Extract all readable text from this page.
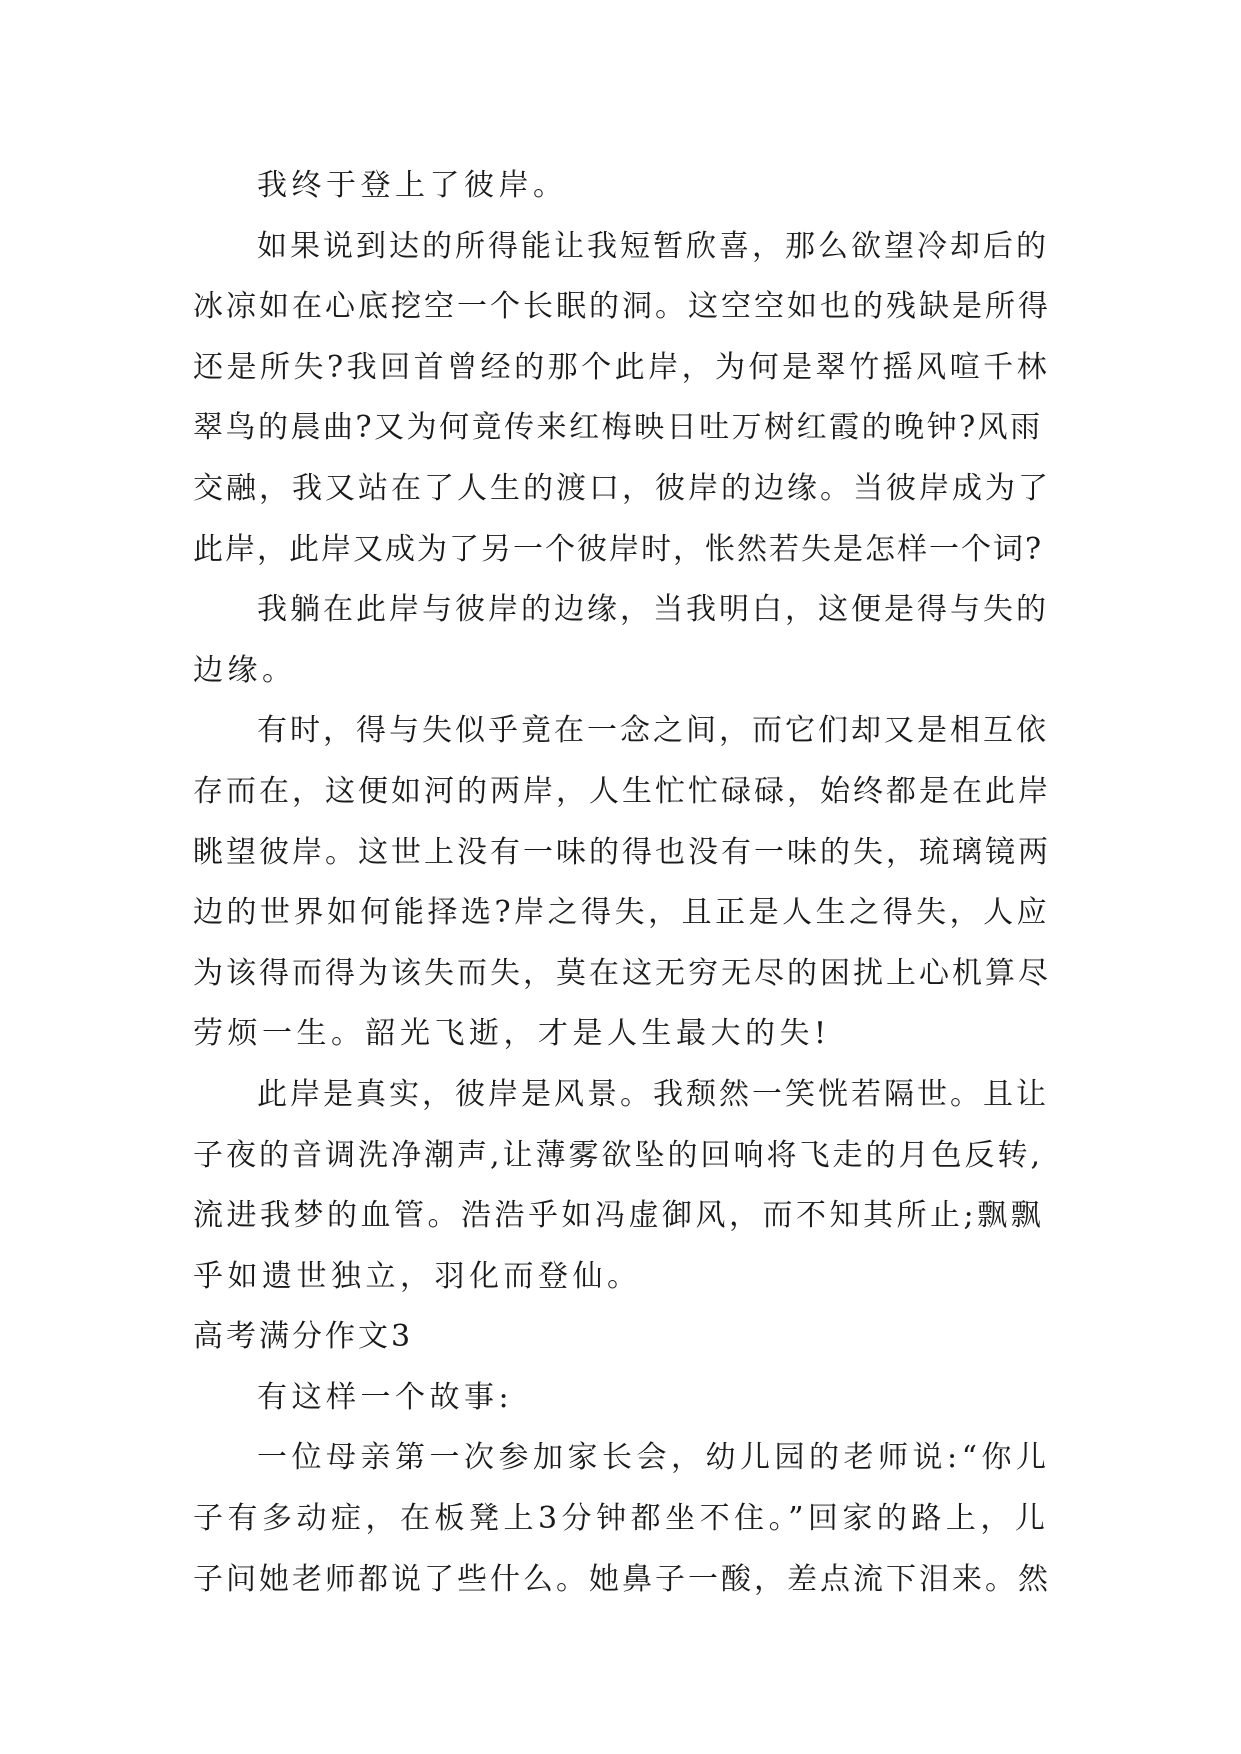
我终于登上了彼岸。
如果说到达的所得能让我短暂欣喜，那么欲望冷却后的
冰凉如在心底挖空一个长眠的洞。这空空如也的残缺是所得
还是所失?我回首曾经的那个此岸，为何是翠竹摇风喧千林
翠鸟的晨曲?又为何竟传来红梅映日吐万树红霞的晚钟?风雨
交融，我又站在了人生的渡口，彼岸的边缘。当彼岸成为了
此岸，此岸又成为了另一个彼岸时，怅然若失是怎样一个词?
我躺在此岸与彼岸的边缘，当我明白，这便是得与失的
边缘。
有时，得与失似乎竟在一念之间，而它们却又是相互依
存而在，这便如河的两岸，人生忙忙碌碌，始终都是在此岸
眺望彼岸。这世上没有一味的得也没有一味的失，琉璃镜两
边的世界如何能择选?岸之得失，且正是人生之得失，人应
为该得而得为该失而失，莫在这无穷无尽的困扰上心机算尽
劳烦一生。韶光飞逝，才是人生最大的失!
此岸是真实，彼岸是风景。我颓然一笑恍若隔世。且让
子夜的音调洗净潮声,让薄雾欲坠的回响将飞走的月色反转,
流进我梦的血管。浩浩乎如冯虚御风，而不知其所止;飘飘
乎如遗世独立，羽化而登仙。
高考满分作文3
有这样一个故事:
一位母亲第一次参加家长会，幼儿园的老师说:“你儿
子有多动症，在板凳上3分钟都坐不住。”回家的路上，儿
子问她老师都说了些什么。她鼻子一酸，差点流下泪来。然
